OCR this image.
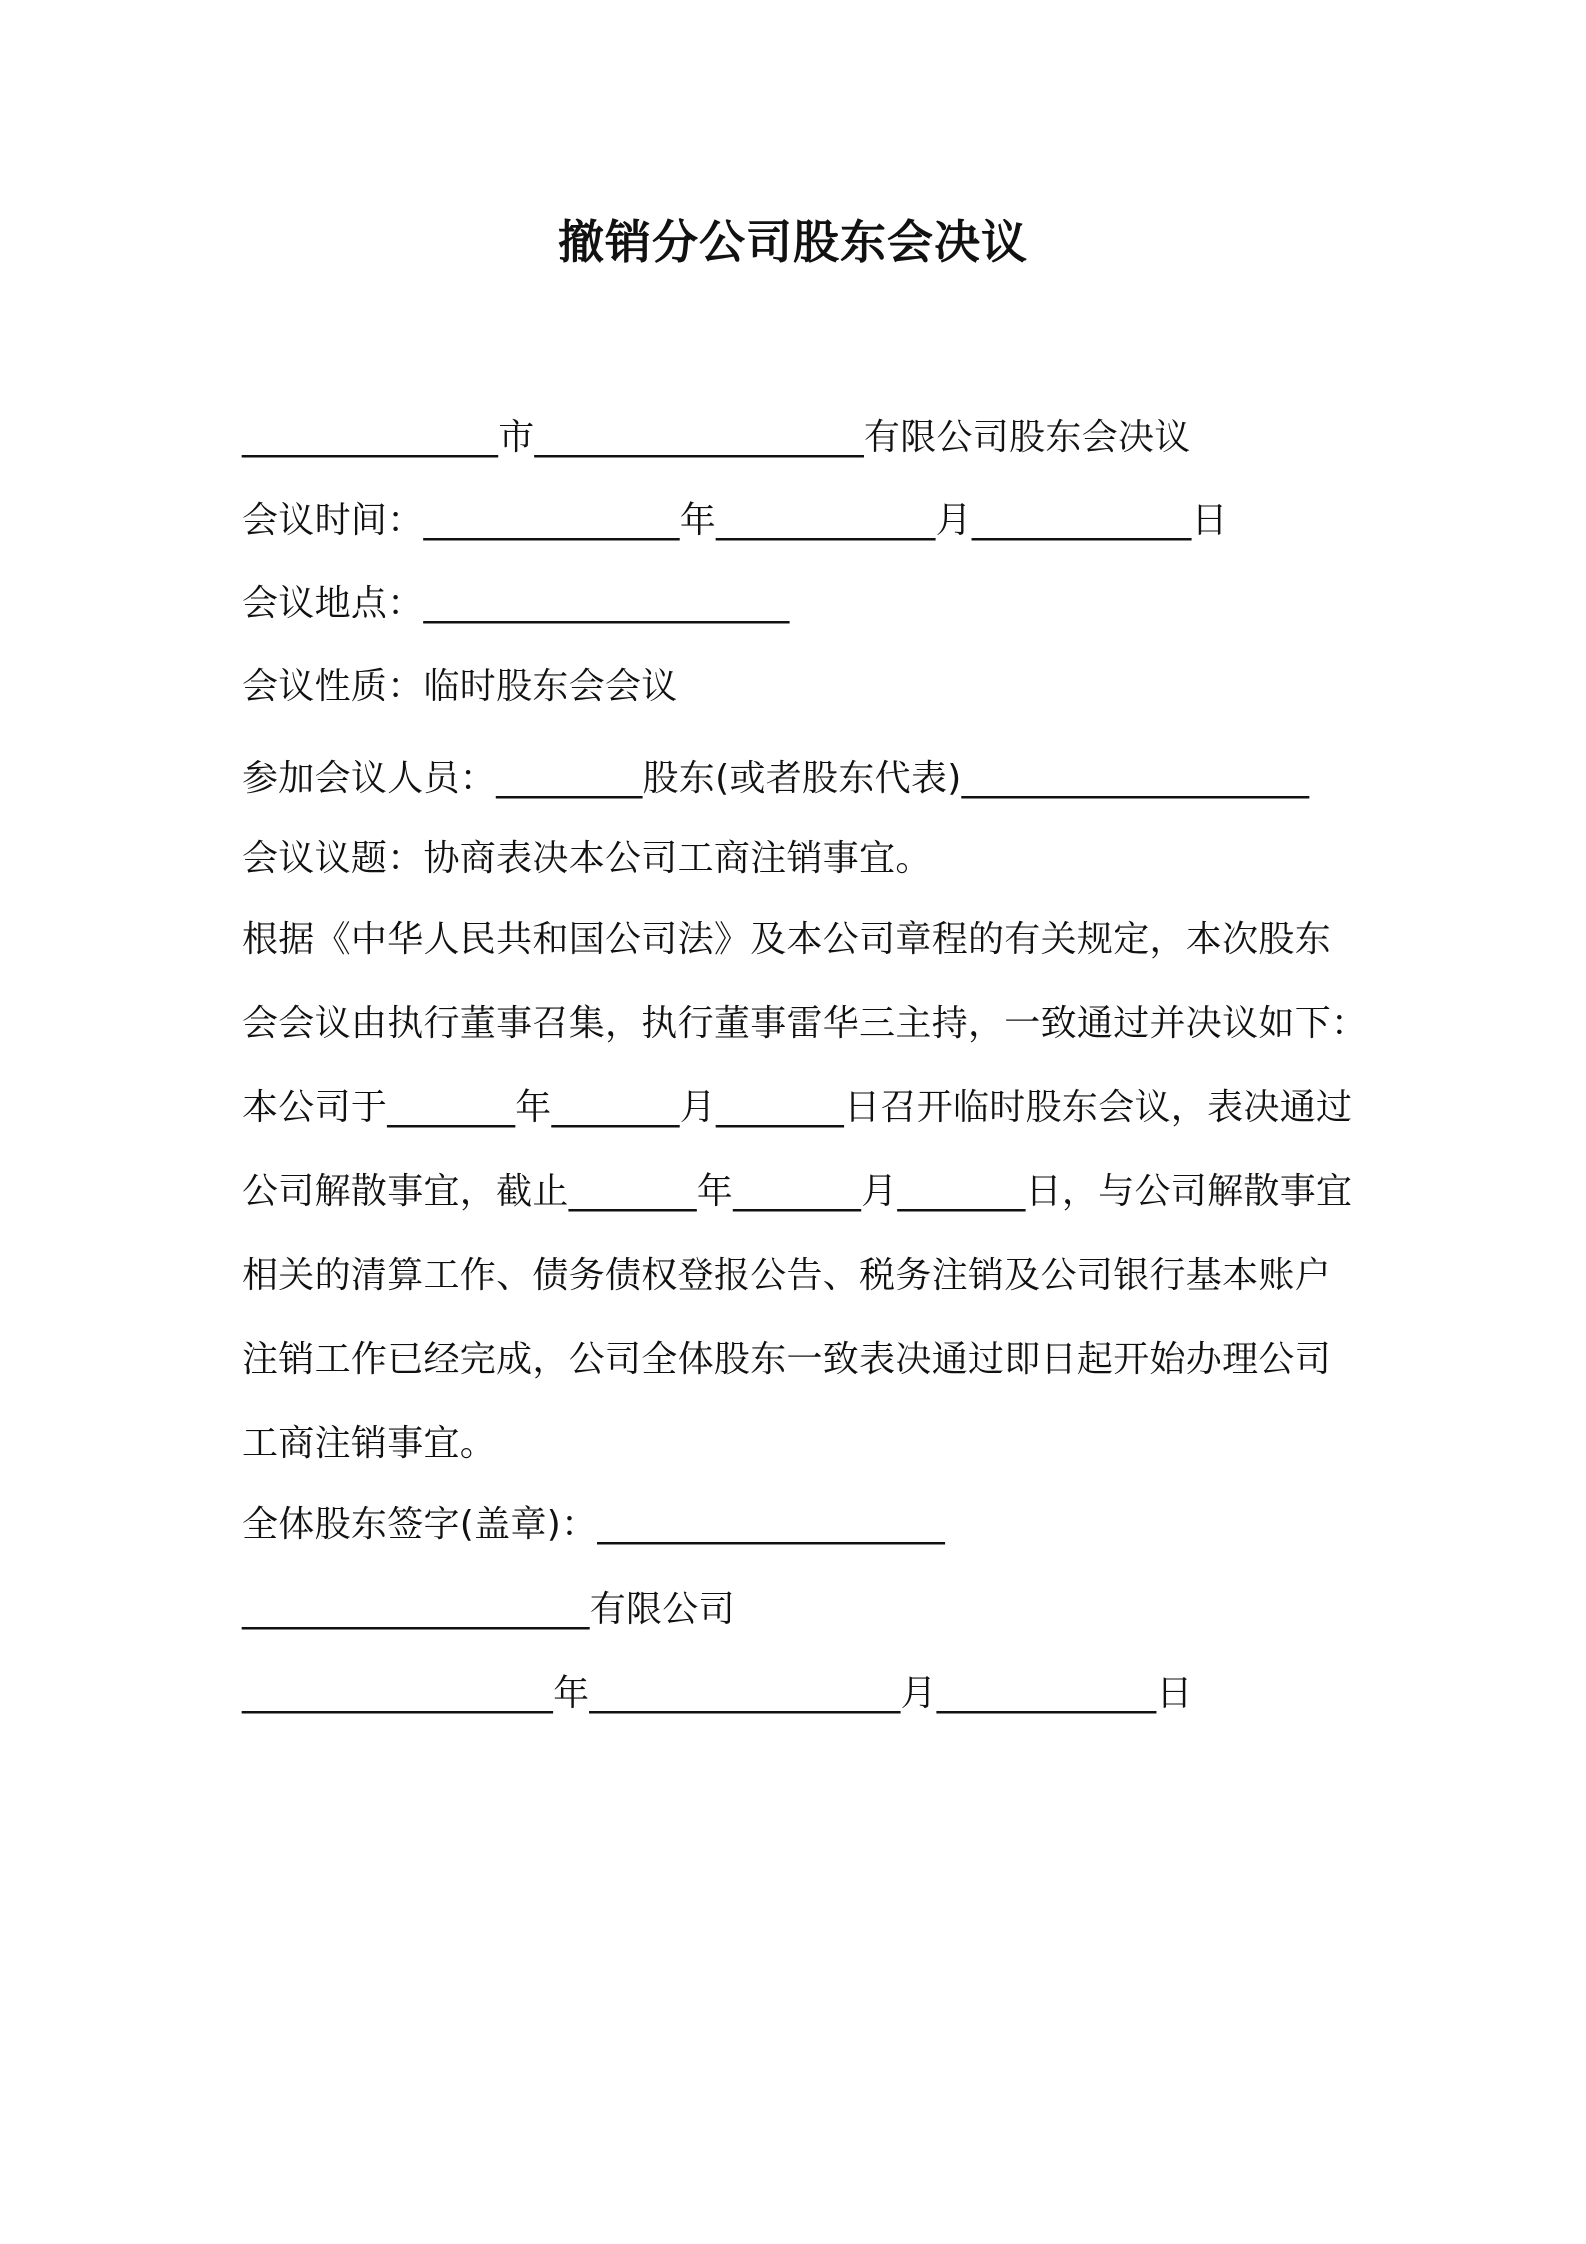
撤销分公司股东会决议
______________市__________________有限公司股东会决议
会议时间：______________年____________月____________日
会议地点：____________________
会议性质：临时股东会会议
参加会议人员：________股东(或者股东代表)___________________
会议议题：协商表决本公司工商注销事宜。
根据《中华人民共和国公司法》及本公司章程的有关规定，本次股东
会会议由执行董事召集，执行董事雷华三主持，一致通过并决议如下：
本公司于_______年_______月_______日召开临时股东会议，表决通过
公司解散事宜，截止_______年_______月_______日，与公司解散事宜
相关的清算工作、债务债权登报公告、税务注销及公司银行基本账户
注销工作已经完成，公司全体股东一致表决通过即日起开始办理公司
工商注销事宜。
全体股东签字(盖章)：___________________
___________________有限公司
_________________年_________________月____________日
